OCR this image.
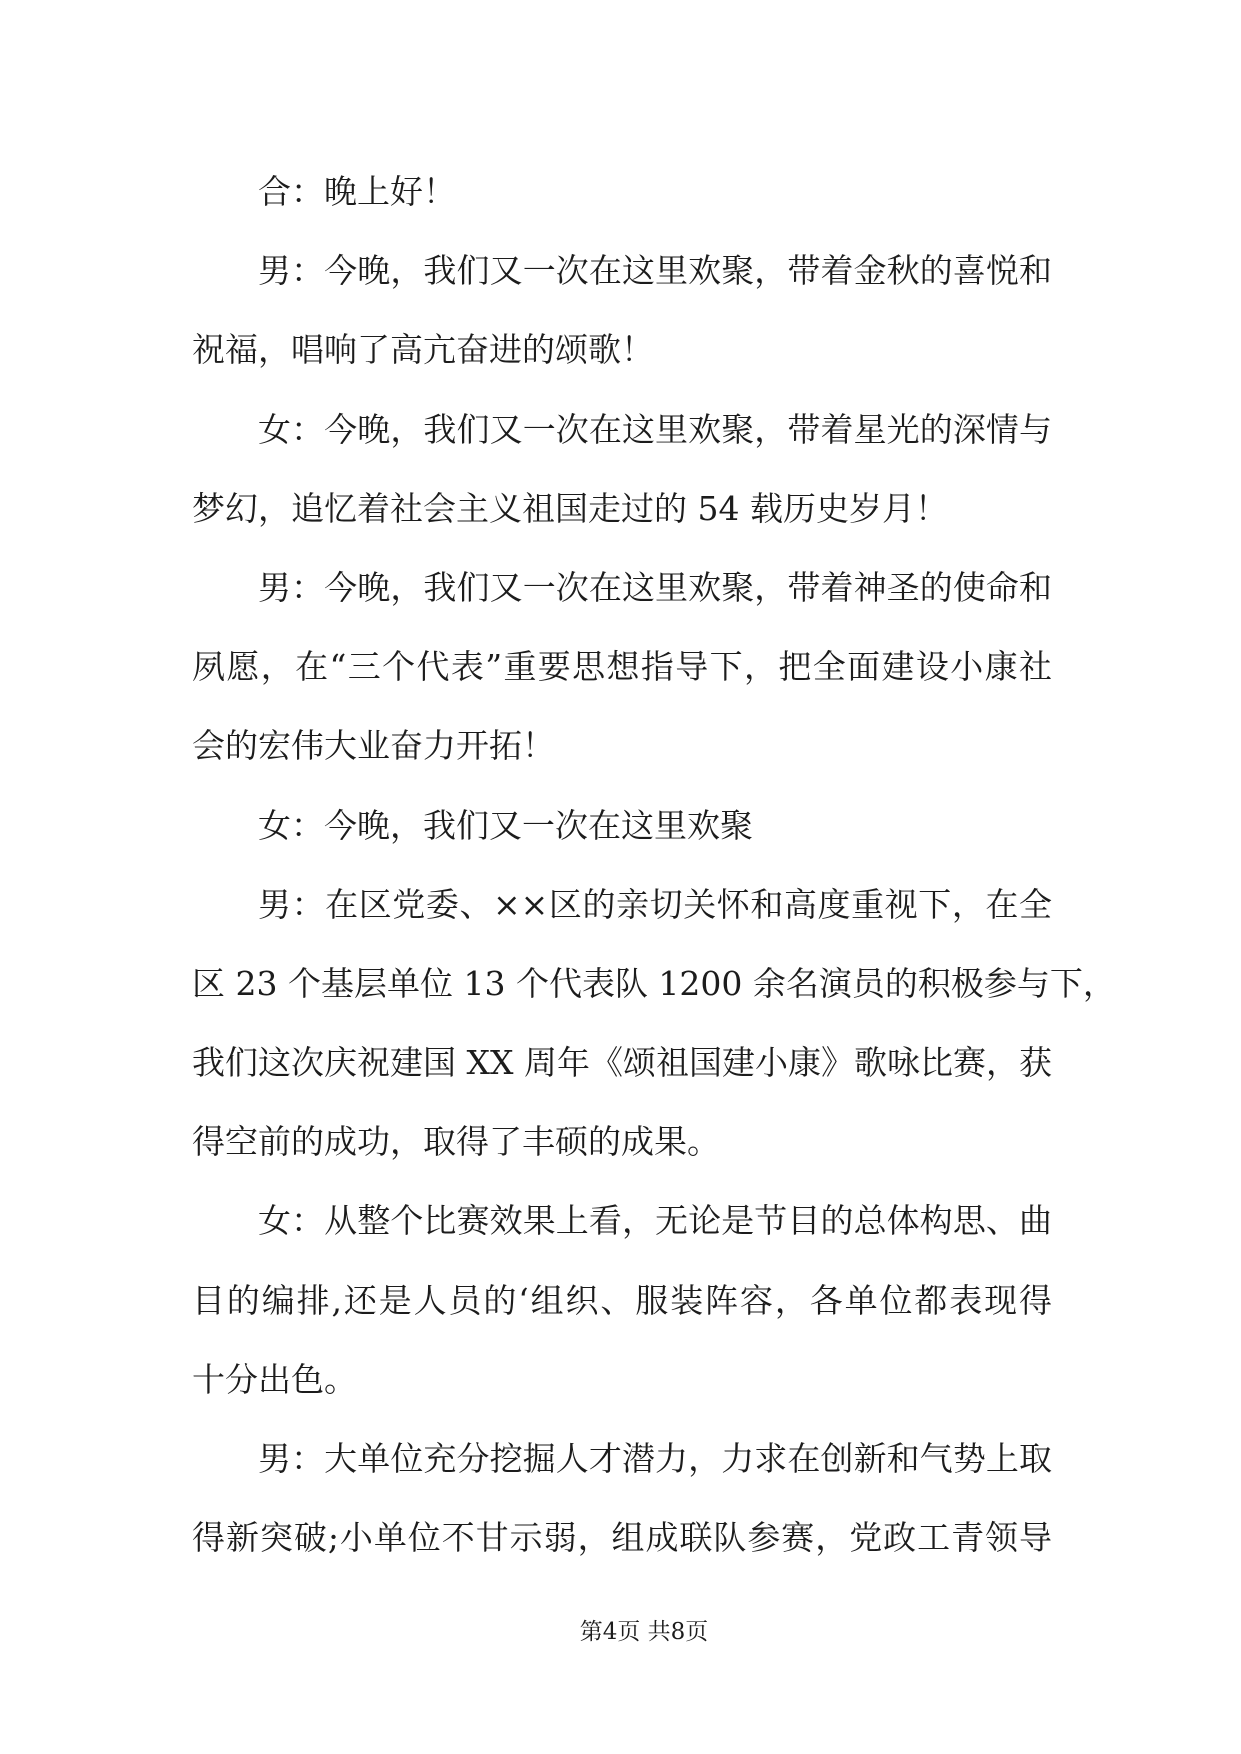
合：晚上好！
男：今晚，我们又一次在这里欢聚，带着金秋的喜悦和
祝福，唱响了高亢奋进的颂歌！
女：今晚，我们又一次在这里欢聚，带着星光的深情与
梦幻，追忆着社会主义祖国走过的 54 载历史岁月！
男：今晚，我们又一次在这里欢聚，带着神圣的使命和
夙愿，在“三个代表”重要思想指导下，把全面建设小康社
会的宏伟大业奋力开拓！
女：今晚，我们又一次在这里欢聚
男：在区党委、××区的亲切关怀和高度重视下，在全
区 23 个基层单位 13 个代表队 1200 余名演员的积极参与下，
我们这次庆祝建国 XX 周年《颂祖国建小康》歌咏比赛，获
得空前的成功，取得了丰硕的成果。
女：从整个比赛效果上看，无论是节目的总体构思、曲
目的编排,还是人员的‘组织、服装阵容，各单位都表现得
十分出色。
男：大单位充分挖掘人才潜力，力求在创新和气势上取
得新突破;小单位不甘示弱，组成联队参赛，党政工青领导
第4页 共8页
